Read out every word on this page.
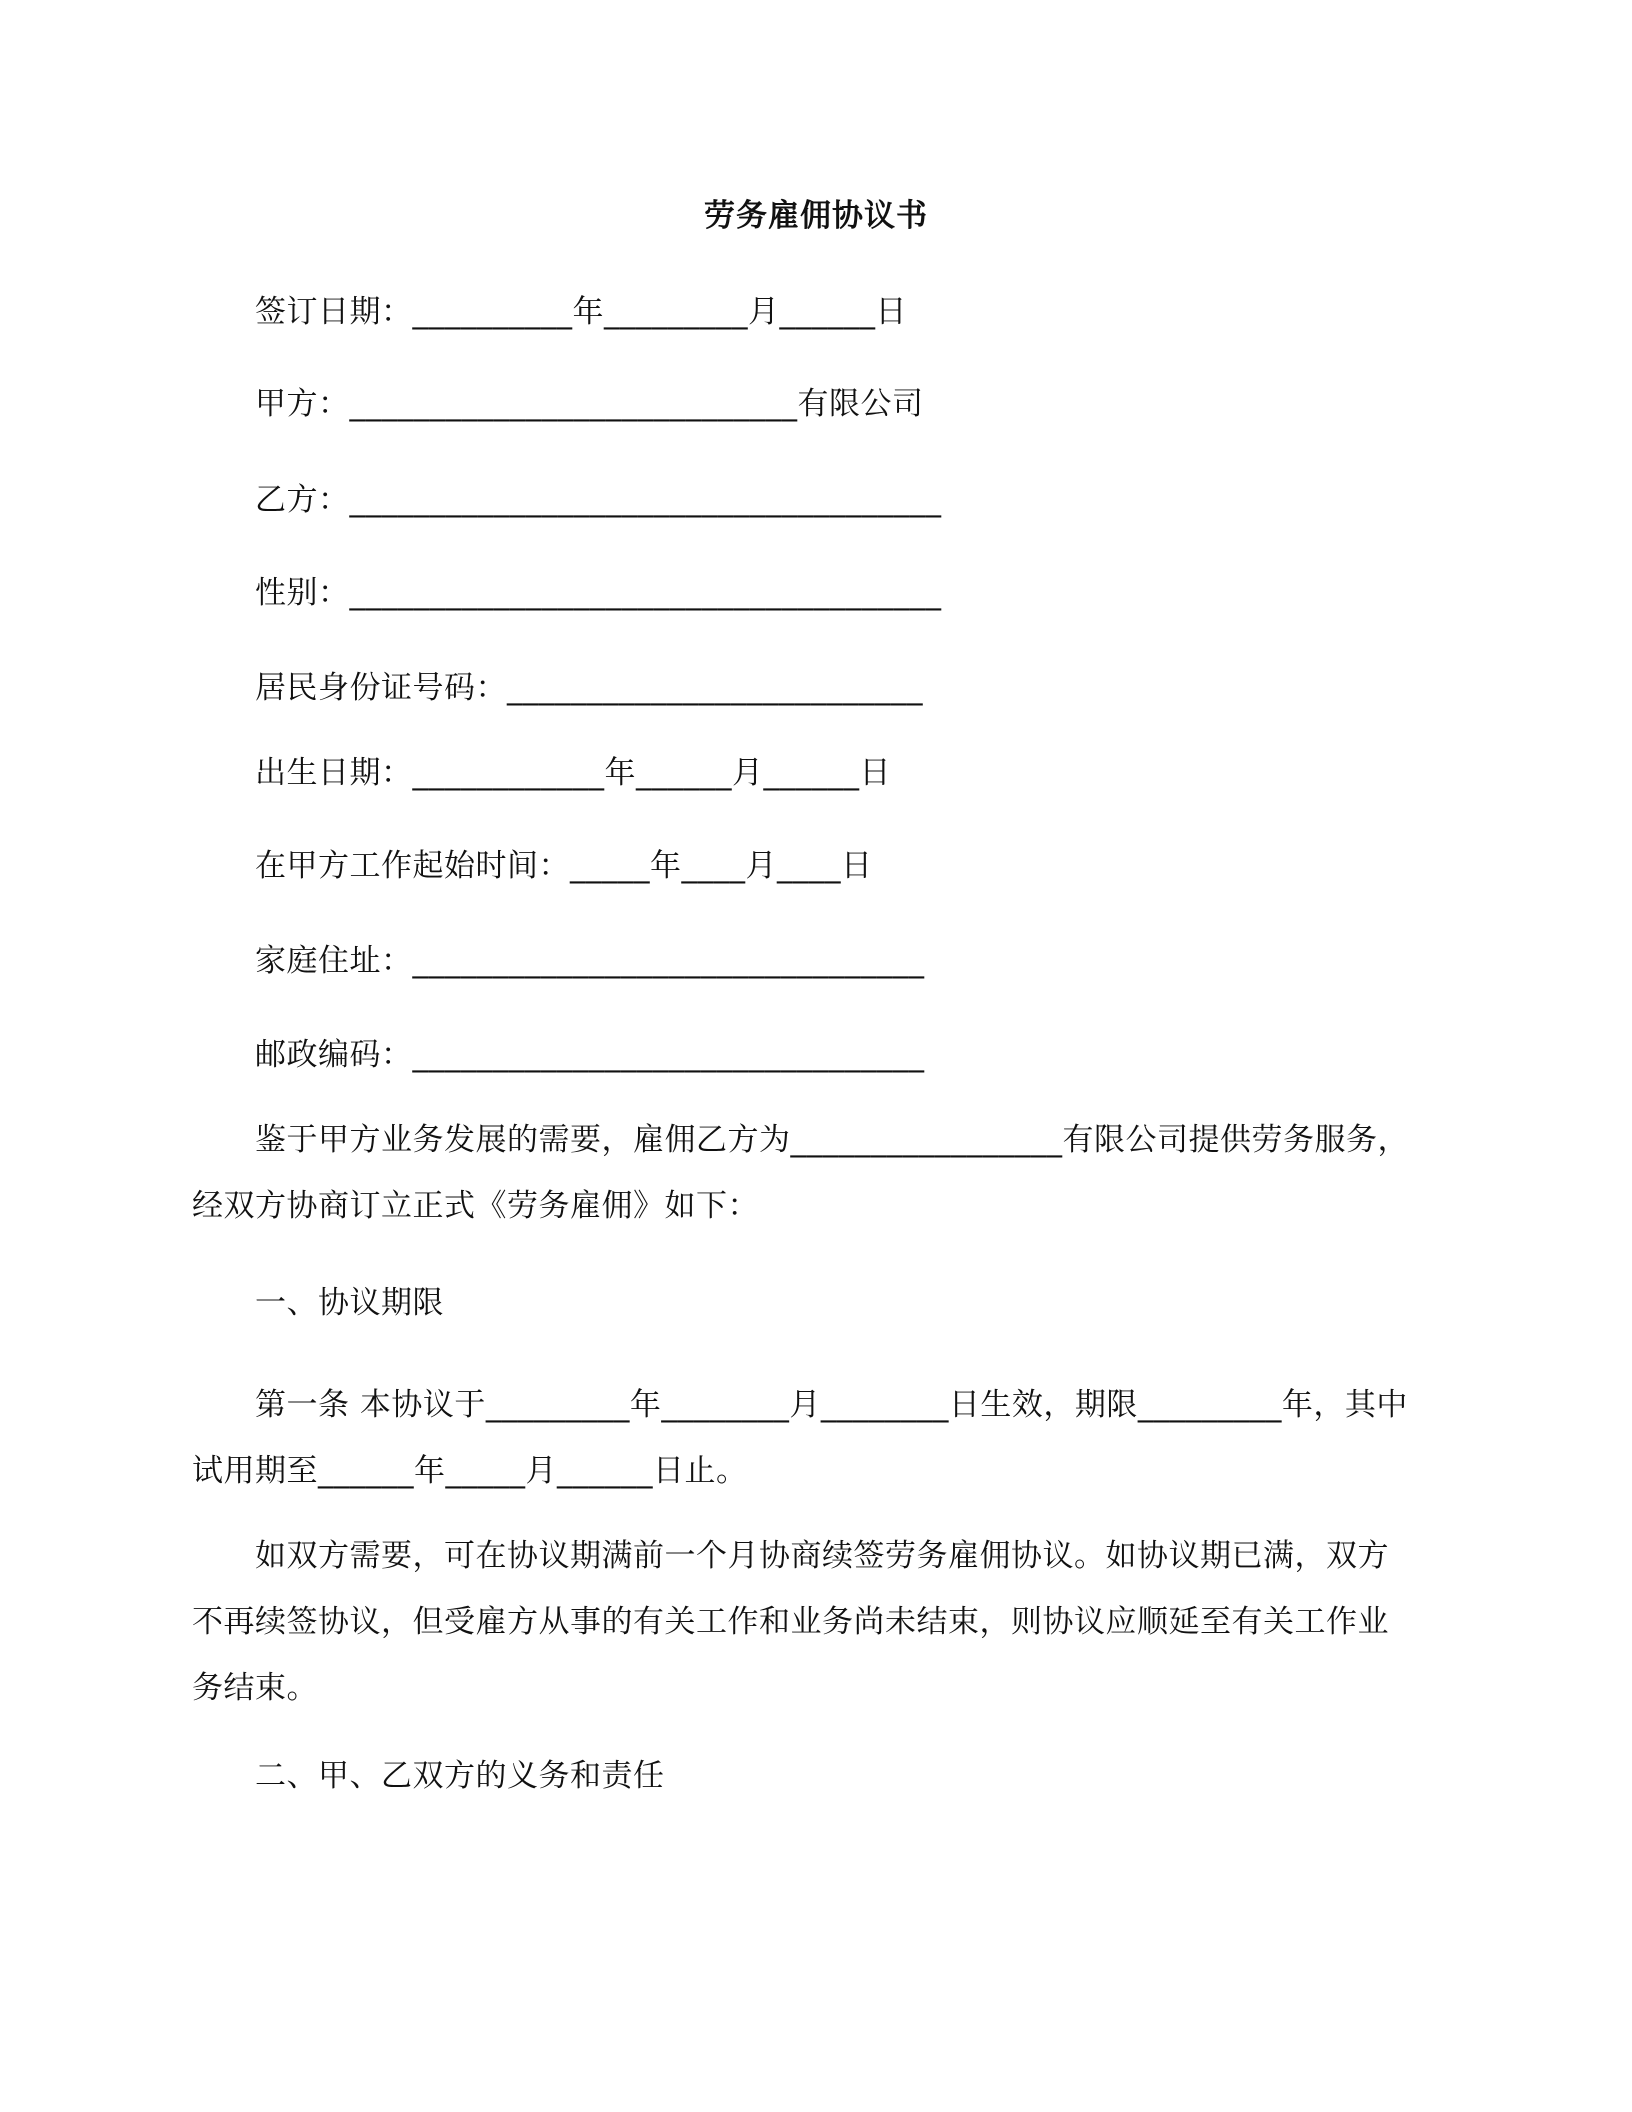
劳务雇佣协议书
签订日期：__________年_________月______日
甲方：____________________________有限公司
乙方：_____________________________________
性别：_____________________________________
居民身份证号码：__________________________
出生日期：____________年______月______日
在甲方工作起始时间：_____年____月____日
家庭住址：________________________________
邮政编码：________________________________
鉴于甲方业务发展的需要，雇佣乙方为_________________有限公司提供劳务服务，经双方协商订立正式《劳务雇佣》如下：
一、协议期限
第一条 本协议于_________年________月________日生效，期限_________年，其中试用期至______年_____月______日止。
如双方需要，可在协议期满前一个月协商续签劳务雇佣协议。如协议期已满，双方不再续签协议，但受雇方从事的有关工作和业务尚未结束，则协议应顺延至有关工作业务结束。
二、甲、乙双方的义务和责任
